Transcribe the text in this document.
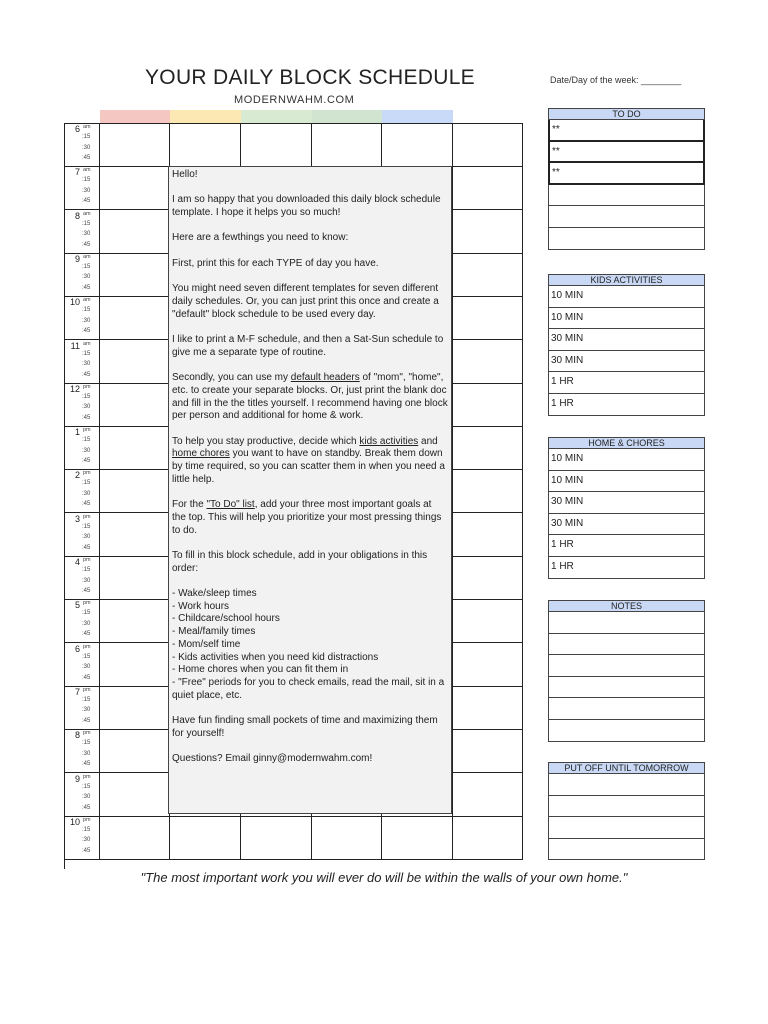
YOUR DAILY BLOCK SCHEDULE
MODERNWAHM.COM
Date/Day of the week: ________
6 am
:15
:30
:45
7 am
:15
:30
:45
8 am
:15
:30
:45
9 am
:15
:30
:45
10 am
:15
:30
:45
11 am
:15
:30
:45
12 pm
:15
:30
:45
1 pm
:15
:30
:45
2 pm
:15
:30
:45
3 pm
:15
:30
:45
4 pm
:15
:30
:45
5 pm
:15
:30
:45
6 pm
:15
:30
:45
7 pm
:15
:30
:45
8 pm
:15
:30
:45
9 pm
:15
:30
:45
10 pm
:15
:30
:45

Hello!

I am so happy that you downloaded this daily block schedule template. I hope it helps you so much!

Here are a fewthings you need to know:

First, print this for each TYPE of day you have.

You might need seven different templates for seven different daily schedules. Or, you can just print this once and create a "default" block schedule to be used every day.

I like to print a M-F schedule, and then a Sat-Sun schedule to give me a separate type of routine.

Secondly, you can use my default headers of "mom", "home", etc. to create your separate blocks. Or, just print the blank doc and fill in the the titles yourself. I recommend having one block per person and additional for home & work.

To help you stay productive, decide which kids activities and home chores you want to have on standby. Break them down by time required, so you can scatter them in when you need a little help.

For the "To Do" list, add your three most important goals at the top. This will help you prioritize your most pressing things to do.

To fill in this block schedule, add in your obligations in this order:

- Wake/sleep times
- Work hours
- Childcare/school hours
- Meal/family times
- Mom/self time
- Kids activities when you need kid distractions
- Home chores when you can fit them in
- "Free" periods for you to check emails, read the mail, sit in a quiet place, etc.

Have fun finding small pockets of time and maximizing them for yourself!

Questions? Email ginny@modernwahm.com!

TO DO
**
**
**
KIDS ACTIVITIES
10 MIN
10 MIN
30 MIN
30 MIN
1 HR
1 HR
HOME & CHORES
10 MIN
10 MIN
30 MIN
30 MIN
1 HR
1 HR
NOTES
PUT OFF UNTIL TOMORROW
"The most important work you will ever do will be within the walls of your own home."
